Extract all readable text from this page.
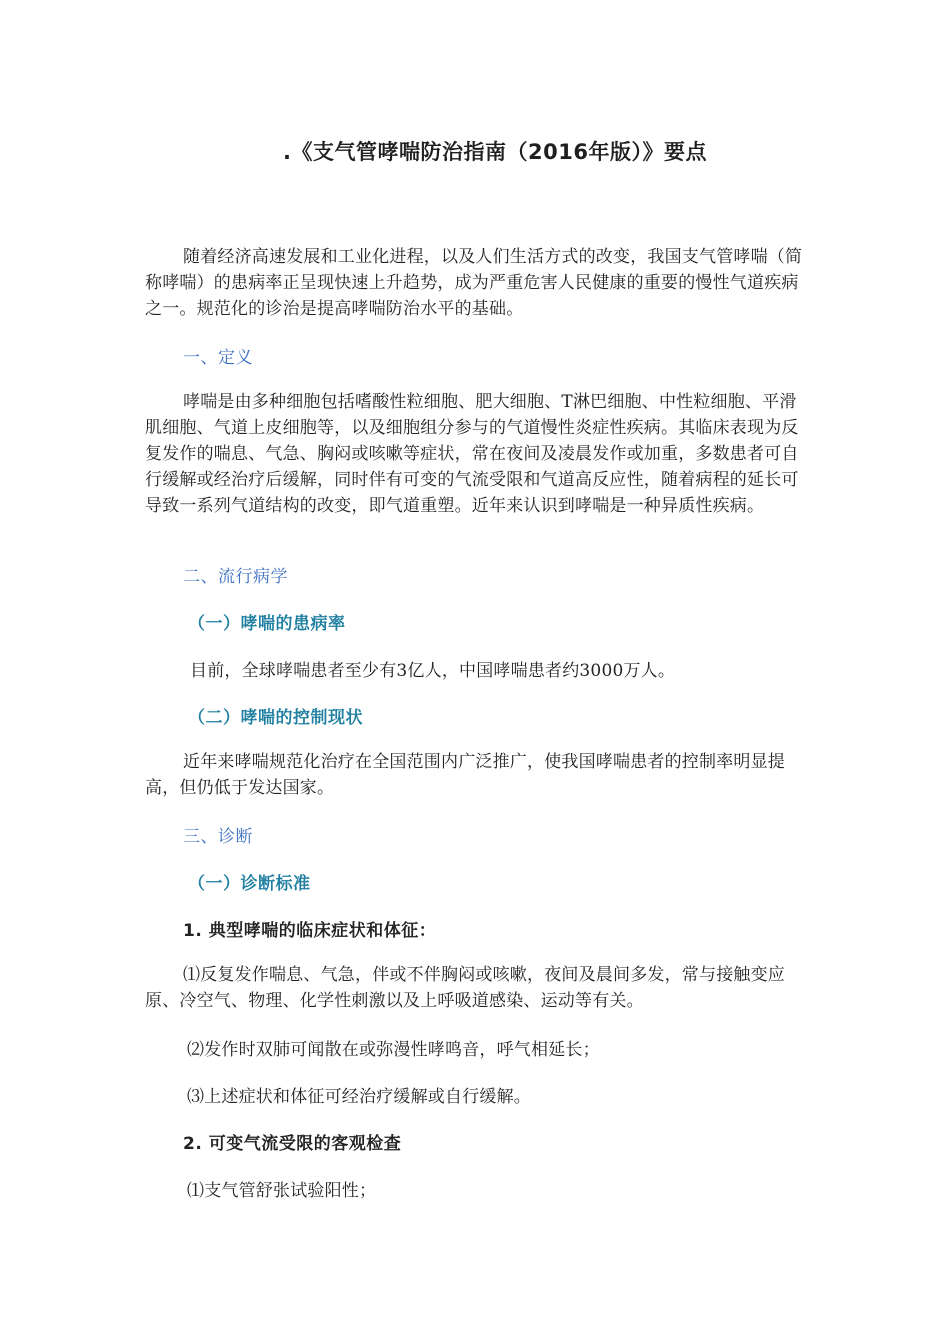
.《支气管哮喘防治指南（2016年版）》要点
随着经济高速发展和工业化进程，以及人们生活方式的改变，我国支气管哮喘（简称哮喘）的患病率正呈现快速上升趋势，成为严重危害人民健康的重要的慢性气道疾病之一。规范化的诊治是提高哮喘防治水平的基础。
一、定义
哮喘是由多种细胞包括嗜酸性粒细胞、肥大细胞、T淋巴细胞、中性粒细胞、平滑肌细胞、气道上皮细胞等，以及细胞组分参与的气道慢性炎症性疾病。其临床表现为反复发作的喘息、气急、胸闷或咳嗽等症状，常在夜间及凌晨发作或加重，多数患者可自行缓解或经治疗后缓解，同时伴有可变的气流受限和气道高反应性，随着病程的延长可导致一系列气道结构的改变，即气道重塑。近年来认识到哮喘是一种异质性疾病。
二、流行病学
（一）哮喘的患病率
目前，全球哮喘患者至少有3亿人，中国哮喘患者约3000万人。
（二）哮喘的控制现状
近年来哮喘规范化治疗在全国范围内广泛推广，使我国哮喘患者的控制率明显提高，但仍低于发达国家。
三、诊断
（一）诊断标准
1. 典型哮喘的临床症状和体征：
⑴反复发作喘息、气急，伴或不伴胸闷或咳嗽，夜间及晨间多发，常与接触变应原、冷空气、物理、化学性刺激以及上呼吸道感染、运动等有关。
⑵发作时双肺可闻散在或弥漫性哮鸣音，呼气相延长；
⑶上述症状和体征可经治疗缓解或自行缓解。
2. 可变气流受限的客观检查
⑴支气管舒张试验阳性；
